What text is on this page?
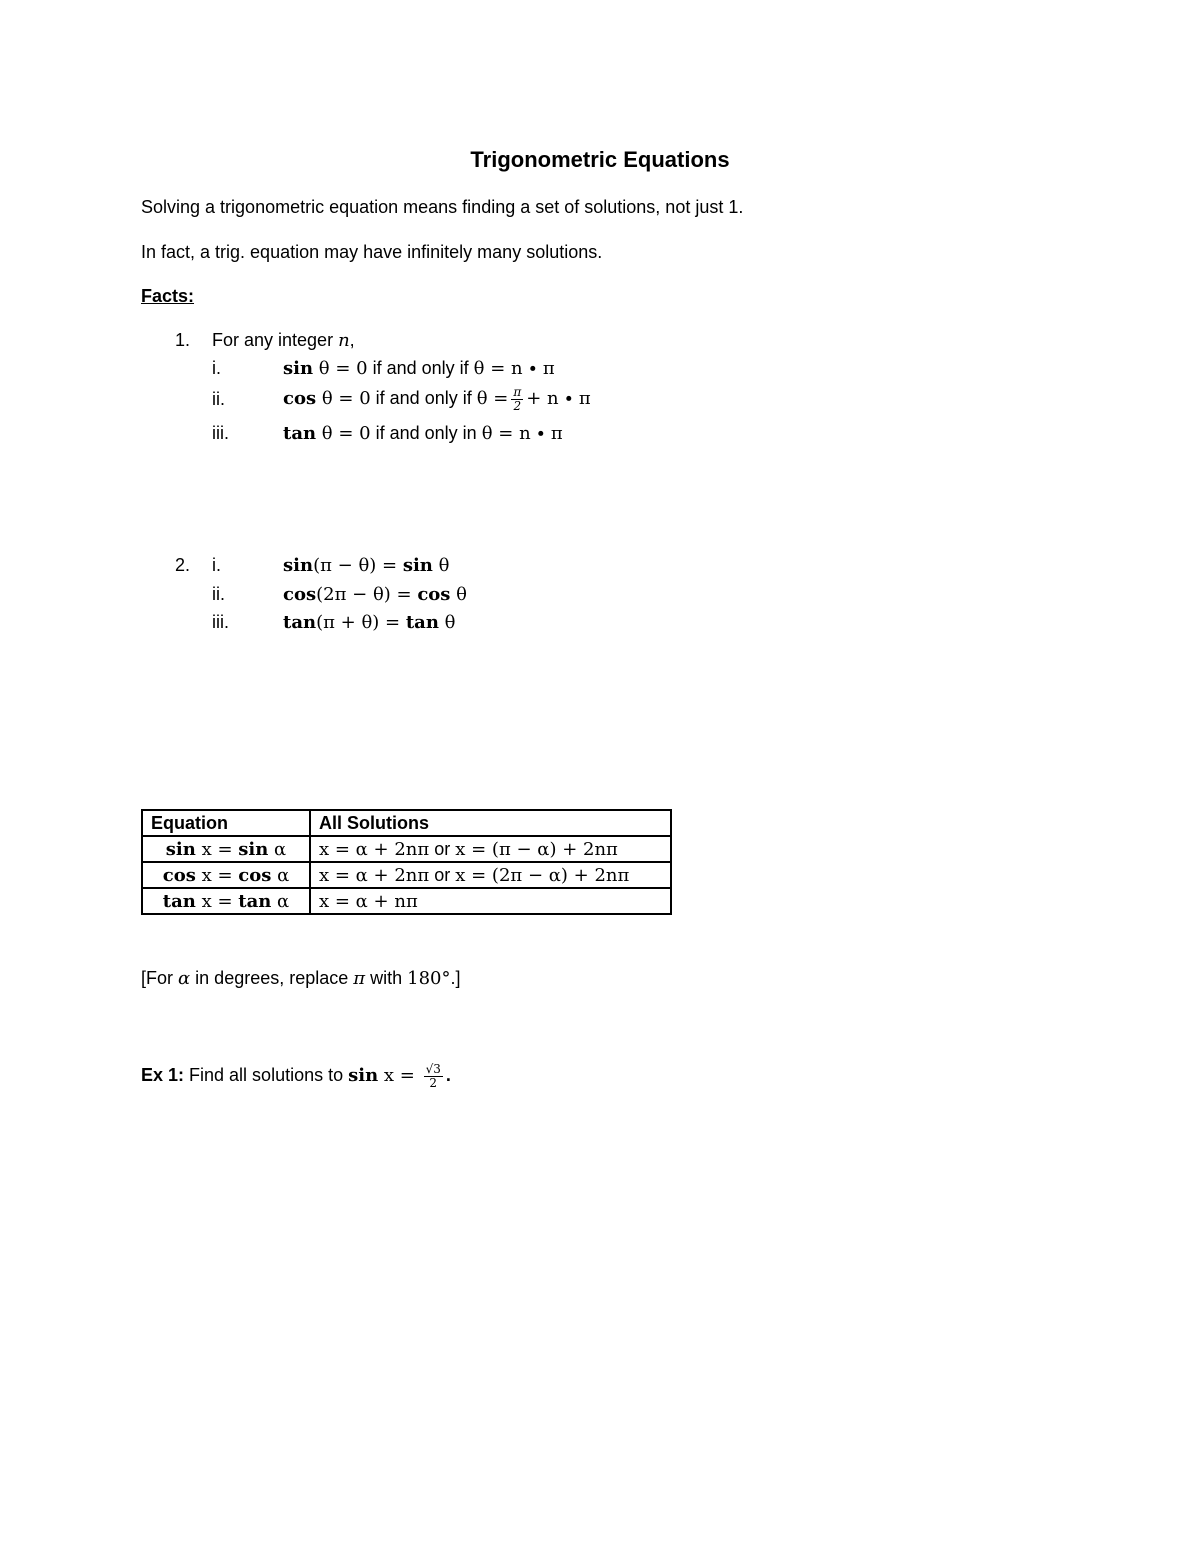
Trigonometric Equations
Solving a trigonometric equation means finding a set of solutions, not just 1.
In fact, a trig. equation may have infinitely many solutions.
Facts:
1. For any integer n,
i.	sin θ = 0 if and only if θ = n ∙ π
ii.	cos θ = 0 if and only if $\theta = \frac{\pi}{2} + n \cdot \pi$
iii.	tan θ = 0 if and only in θ = n ∙ π
2. i.	sin(π − θ) = sin θ
ii.	cos(2π − θ) = cos θ
iii.	tan(π + θ) = tan θ
Equation	All Solutions
sin x = sin α	x = α + 2nπ or x = (π − α) + 2nπ
cos x = cos α	x = α + 2nπ or x = (2π − α) + 2nπ
tan x = tan α	x = α + nπ
[For α in degrees, replace π with 180°.]
Ex 1: Find all solutions to $\sin x = \frac{√3}{2}$ .
